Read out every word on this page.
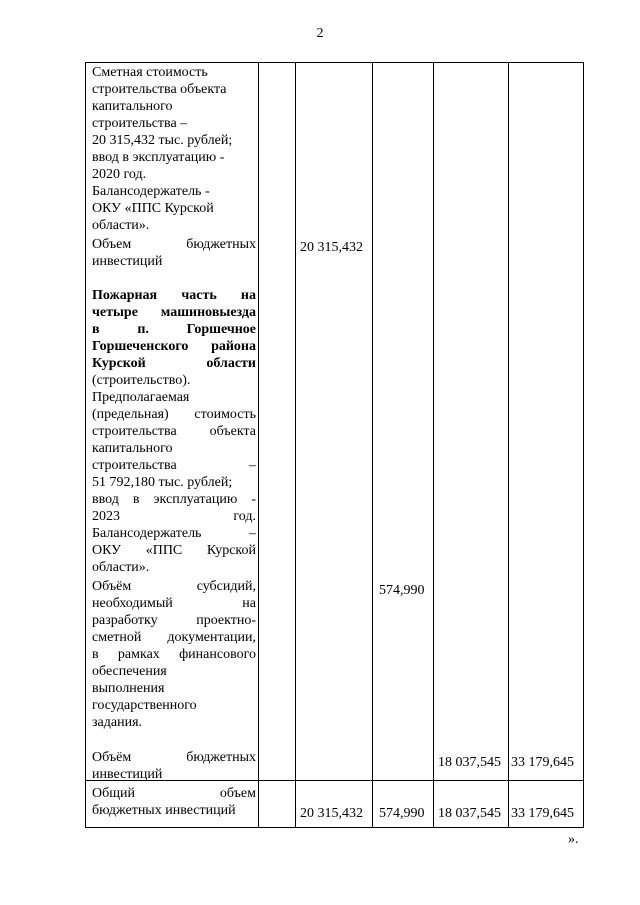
2
Сметная стоимость
строительства объекта
капитального
строительства –
20 315,432 тыс. рублей;
ввод в эксплуатацию -
2020 год.
Балансодержатель -
ОКУ «ППС Курской
области».
Объем бюджетных
инвестиций
20 315,432
Пожарная часть на
четыре машиновыезда
в п. Горшечное
Горшеченского района
Курской области
(строительство).
Предполагаемая
(предельная) стоимость
строительства объекта
капитального
строительства –
51 792,180 тыс. рублей;
ввод в эксплуатацию -
2023 год.
Балансодержатель –
ОКУ «ППС Курской
области».
Объём субсидий,
необходимый на
разработку проектно-
сметной документации,
в рамках финансового
обеспечения
выполнения
государственного
задания.
574,990
Объём бюджетных
инвестиций
18 037,545 33 179,645
Общий объем
бюджетных инвестиций	20 315,432 574,990 18 037,545 33 179,645
».
